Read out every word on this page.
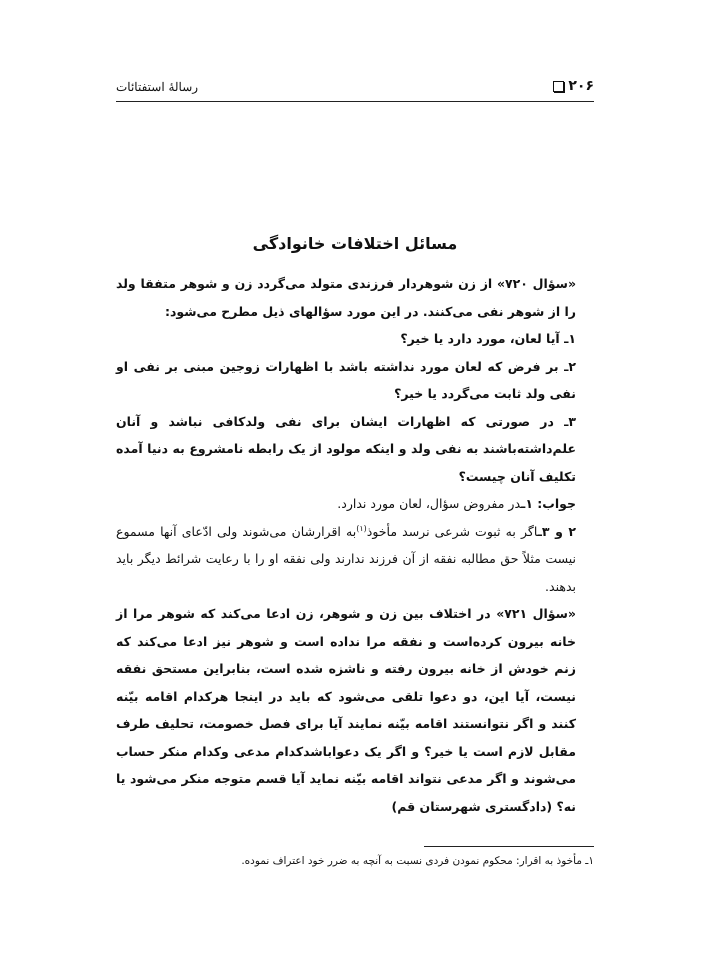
رسالۀ استفتائات	۲۰۶
مسائل اختلافات خانوادگی

«سؤال ۷۲۰» از زن شوهردار فرزندی متولد می‌گردد زن و شوهر متفقا ولد را از شوهر نفی می‌کنند. در این مورد سؤالهای ذیل مطرح می‌شود:

۱ـ آیا لعان، مورد دارد یا خیر؟

۲ـ بر فرض که لعان مورد نداشته باشد با اظهارات زوجین مبنی بر نفی او نفی ولد ثابت می‌گردد یا خیر؟

۳ـ در صورتی که اظهارات ایشان برای نفی ولدکافی نباشد و آنان علم‌داشته‌باشند به نفی ولد و اینکه مولود از یک رابطه نامشروع به دنیا آمده تکلیف آنان چیست؟

جواب: ۱ـدر مفروض سؤال، لعان مورد ندارد.

۲ و ۳ـاگر به ثبوت شرعی نرسد مأخوذ$^{(۱)}$به اقرارشان می‌شوند ولی ادّعای آنها مسموع نیست مثلاً حق مطالبه نفقه از آن فرزند ندارند ولی نفقه او را با رعایت شرائط دیگر باید بدهند.

«سؤال ۷۲۱» در اختلاف بین زن و شوهر، زن ادعا می‌کند که شوهر مرا از خانه بیرون کرده‌است و نفقه مرا نداده است و شوهر نیز ادعا می‌کند که زنم خودش از خانه بیرون رفته و ناشزه شده است، بنابراین مستحق نفقه نیست، آیا این، دو دعوا تلقی می‌شود که باید در اینجا هرکدام اقامه بیّنه کنند و اگر نتوانستند اقامه بیّنه نمایند آیا برای فصل خصومت، تحلیف طرف مقابل لازم است یا خیر؟ و اگر یک دعواباشدکدام مدعی وکدام منکر حساب می‌شوند و اگر مدعی نتواند اقامه بیّنه نماید آیا قسم متوجه منکر می‌شود یا نه؟ (دادگستری شهرستان قم)

۱ـ مأخوذ به اقرار: محکوم نمودن فردی نسبت به آنچه به ضرر خود اعتراف نموده.
